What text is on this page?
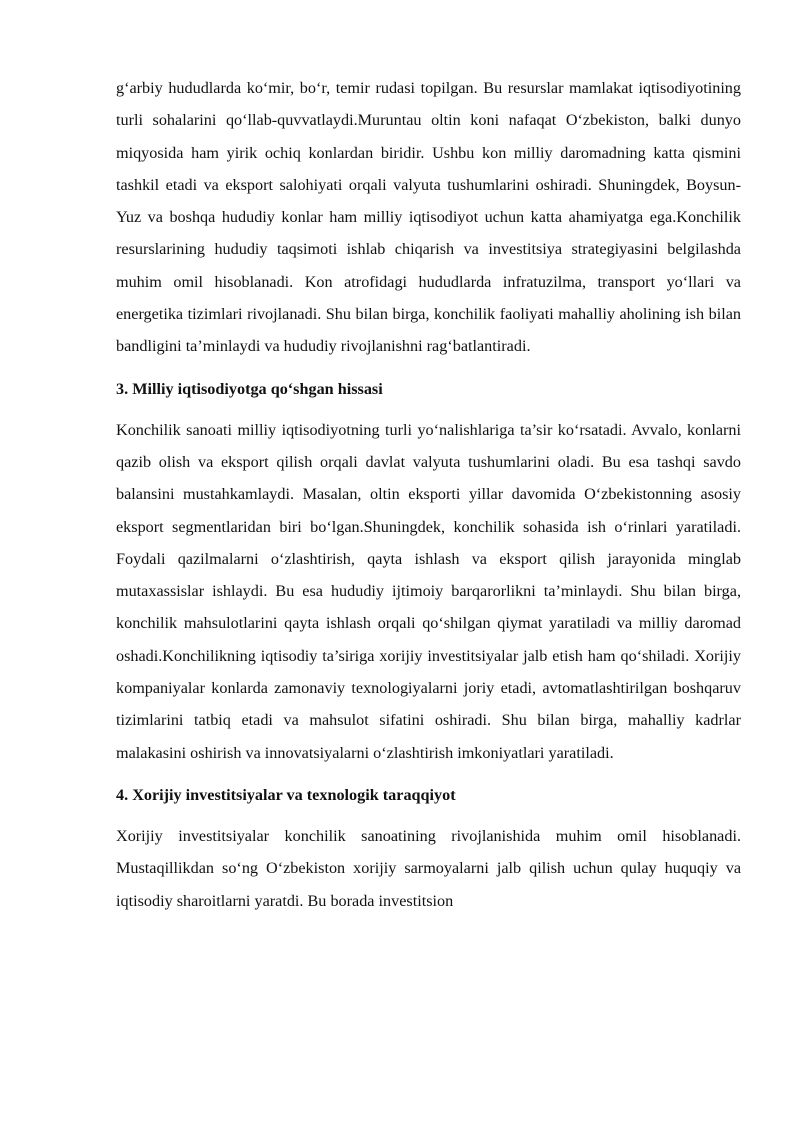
g‘arbiy hududlarda ko‘mir, bo‘r, temir rudasi topilgan. Bu resurslar mamlakat iqtisodiyotining turli sohalarini qo‘llab-quvvatlaydi.Muruntau oltin koni nafaqat O‘zbekiston, balki dunyo miqyosida ham yirik ochiq konlardan biridir. Ushbu kon milliy daromadning katta qismini tashkil etadi va eksport salohiyati orqali valyuta tushumlarini oshiradi. Shuningdek, Boysun-Yuz va boshqa hududiy konlar ham milliy iqtisodiyot uchun katta ahamiyatga ega.Konchilik resurslarining hududiy taqsimoti ishlab chiqarish va investitsiya strategiyasini belgilashda muhim omil hisoblanadi. Kon atrofidagi hududlarda infratuzilma, transport yo‘llari va energetika tizimlari rivojlanadi. Shu bilan birga, konchilik faoliyati mahalliy aholining ish bilan bandligini ta’minlaydi va hududiy rivojlanishni rag‘batlantiradi.

3. Milliy iqtisodiyotga qo‘shgan hissasi

Konchilik sanoati milliy iqtisodiyotning turli yo‘nalishlariga ta’sir ko‘rsatadi. Avvalo, konlarni qazib olish va eksport qilish orqali davlat valyuta tushumlarini oladi. Bu esa tashqi savdo balansini mustahkamlaydi. Masalan, oltin eksporti yillar davomida O‘zbekistonning asosiy eksport segmentlaridan biri bo‘lgan.Shuningdek, konchilik sohasida ish o‘rinlari yaratiladi. Foydali qazilmalarni o‘zlashtirish, qayta ishlash va eksport qilish jarayonida minglab mutaxassislar ishlaydi. Bu esa hududiy ijtimoiy barqarorlikni ta’minlaydi. Shu bilan birga, konchilik mahsulotlarini qayta ishlash orqali qo‘shilgan qiymat yaratiladi va milliy daromad oshadi.Konchilikning iqtisodiy ta’siriga xorijiy investitsiyalar jalb etish ham qo‘shiladi. Xorijiy kompaniyalar konlarda zamonaviy texnologiyalarni joriy etadi, avtomatlashtirilgan boshqaruv tizimlarini tatbiq etadi va mahsulot sifatini oshiradi. Shu bilan birga, mahalliy kadrlar malakasini oshirish va innovatsiyalarni o‘zlashtirish imkoniyatlari yaratiladi.

4. Xorijiy investitsiyalar va texnologik taraqqiyot

Xorijiy investitsiyalar konchilik sanoatining rivojlanishida muhim omil hisoblanadi. Mustaqillikdan so‘ng O‘zbekiston xorijiy sarmoyalarni jalb qilish uchun qulay huquqiy va iqtisodiy sharoitlarni yaratdi. Bu borada investitsion
